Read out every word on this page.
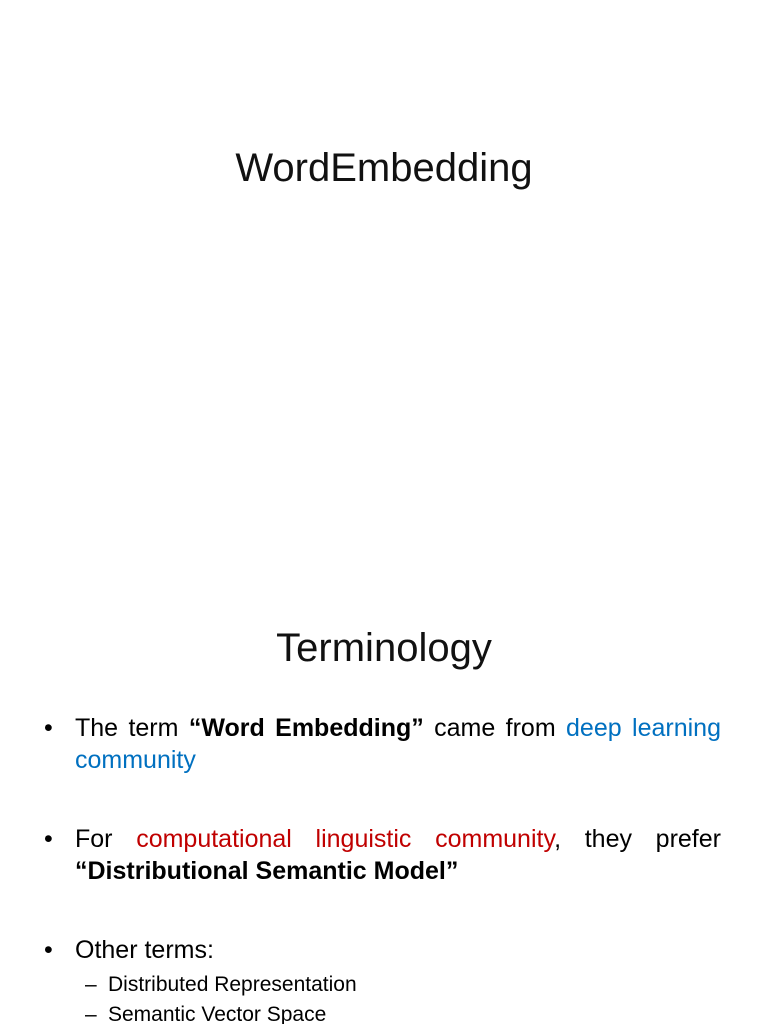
WordEmbedding
Terminology
• The term “Word Embedding” came from deep learning community
• For computational linguistic community, they prefer “Distributional Semantic Model”
• Other terms:
– Distributed Representation
– Semantic Vector Space
